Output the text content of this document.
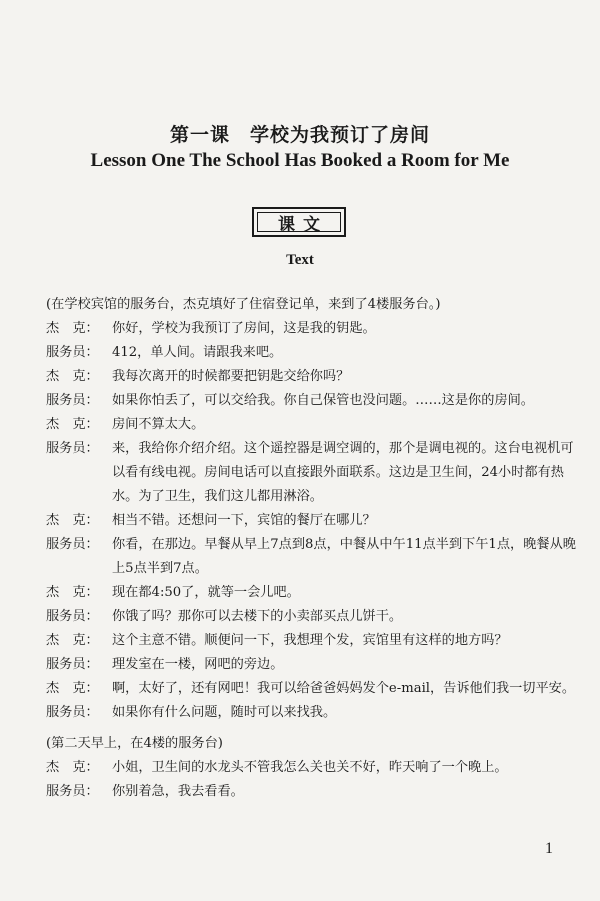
第一课　学校为我预订了房间
Lesson One The School Has Booked a Room for Me
课文
Text
(在学校宾馆的服务台，杰克填好了住宿登记单，来到了4楼服务台。)
杰　克： 你好，学校为我预订了房间，这是我的钥匙。
服务员： 412，单人间。请跟我来吧。
杰　克： 我每次离开的时候都要把钥匙交给你吗？
服务员： 如果你怕丢了，可以交给我。你自己保管也没问题。……这是你的房间。
杰　克： 房间不算太大。
服务员： 来，我给你介绍介绍。这个遥控器是调空调的，那个是调电视的。这台电视机可以看有线电视。房间电话可以直接跟外面联系。这边是卫生间，24小时都有热水。为了卫生，我们这儿都用淋浴。
杰　克： 相当不错。还想问一下，宾馆的餐厅在哪儿？
服务员： 你看，在那边。早餐从早上7点到8点，中餐从中午11点半到下午1点，晚餐从晚上5点半到7点。
杰　克： 现在都4:50了，就等一会儿吧。
服务员： 你饿了吗？那你可以去楼下的小卖部买点儿饼干。
杰　克： 这个主意不错。顺便问一下，我想理个发，宾馆里有这样的地方吗？
服务员： 理发室在一楼，网吧的旁边。
杰　克： 啊，太好了，还有网吧！我可以给爸爸妈妈发个e-mail，告诉他们我一切平安。
服务员： 如果你有什么问题，随时可以来找我。
(第二天早上，在4楼的服务台)
杰　克： 小姐，卫生间的水龙头不管我怎么关也关不好，昨天响了一个晚上。
服务员： 你别着急，我去看看。
1
